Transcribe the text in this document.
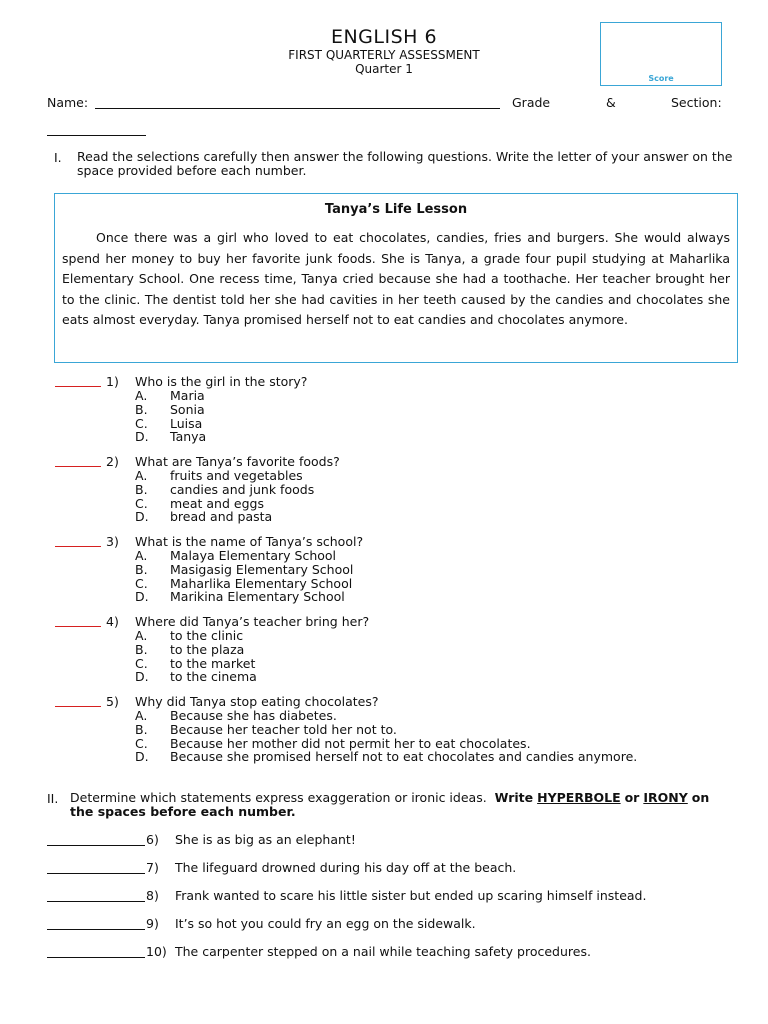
ENGLISH 6
FIRST QUARTERLY ASSESSMENT
Quarter 1
Score
Name:	Grade	&	Section:
I. Read the selections carefully then answer the following questions. Write the letter of your answer on the space provided before each number.
Tanya’s Life Lesson
Once there was a girl who loved to eat chocolates, candies, fries and burgers. She would always spend her money to buy her favorite junk foods. She is Tanya, a grade four pupil studying at Maharlika Elementary School. One recess time, Tanya cried because she had a toothache. Her teacher brought her to the clinic. The dentist told her she had cavities in her teeth caused by the candies and chocolates she eats almost everyday. Tanya promised herself not to eat candies and chocolates anymore.
1) Who is the girl in the story?
A. Maria
B. Sonia
C. Luisa
D. Tanya
2) What are Tanya’s favorite foods?
A. fruits and vegetables
B. candies and junk foods
C. meat and eggs
D. bread and pasta
3) What is the name of Tanya’s school?
A. Malaya Elementary School
B. Masigasig Elementary School
C. Maharlika Elementary School
D. Marikina Elementary School
4) Where did Tanya’s teacher bring her?
A. to the clinic
B. to the plaza
C. to the market
D. to the cinema
5) Why did Tanya stop eating chocolates?
A. Because she has diabetes.
B. Because her teacher told her not to.
C. Because her mother did not permit her to eat chocolates.
D. Because she promised herself not to eat chocolates and candies anymore.
II. Determine which statements express exaggeration or ironic ideas. Write HYPERBOLE or IRONY on
the spaces before each number.
6) She is as big as an elephant!
7) The lifeguard drowned during his day off at the beach.
8) Frank wanted to scare his little sister but ended up scaring himself instead.
9) It’s so hot you could fry an egg on the sidewalk.
10) The carpenter stepped on a nail while teaching safety procedures.
